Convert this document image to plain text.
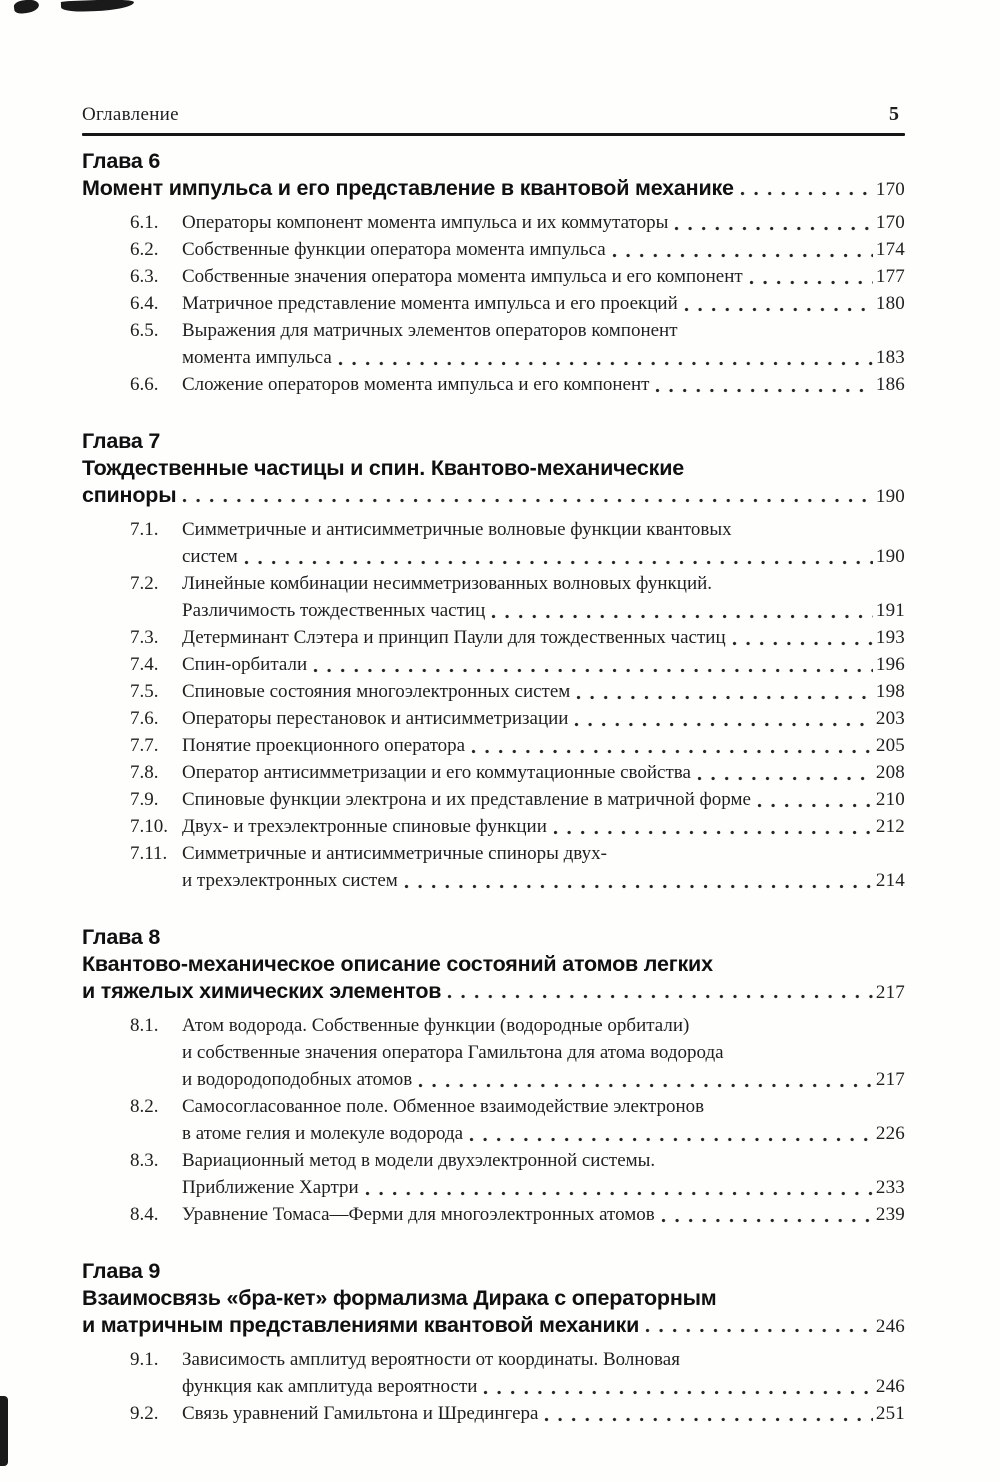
Оглавление	5
Глава 6
Момент импульса и его представление в квантовой механике	170
6.1. Операторы компонент момента импульса и их коммутаторы	170
6.2. Собственные функции оператора момента импульса	174
6.3. Собственные значения оператора момента импульса и его компонент	177
6.4. Матричное представление момента импульса и его проекций	180
6.5. Выражения для матричных элементов операторов компонент
момента импульса	183
6.6. Сложение операторов момента импульса и его компонент	186
Глава 7
Тождественные частицы и спин. Квантово-механические
спиноры	190
7.1. Симметричные и антисимметричные волновые функции квантовых
систем	190
7.2. Линейные комбинации несимметризованных волновых функций.
Различимость тождественных частиц	191
7.3. Детерминант Слэтера и принцип Паули для тождественных частиц	193
7.4. Спин-орбитали	196
7.5. Спиновые состояния многоэлектронных систем	198
7.6. Операторы перестановок и антисимметризации	203
7.7. Понятие проекционного оператора	205
7.8. Оператор антисимметризации и его коммутационные свойства	208
7.9. Спиновые функции электрона и их представление в матричной форме	210
7.10. Двух- и трехэлектронные спиновые функции	212
7.11. Симметричные и антисимметричные спиноры двух-
и трехэлектронных систем	214
Глава 8
Квантово-механическое описание состояний атомов легких
и тяжелых химических элементов	217
8.1. Атом водорода. Собственные функции (водородные орбитали)
и собственные значения оператора Гамильтона для атома водорода
и водородоподобных атомов	217
8.2. Самосогласованное поле. Обменное взаимодействие электронов
в атоме гелия и молекуле водорода	226
8.3. Вариационный метод в модели двухэлектронной системы.
Приближение Хартри	233
8.4. Уравнение Томаса—Ферми для многоэлектронных атомов	239
Глава 9
Взаимосвязь «бра-кет» формализма Дирака с операторным
и матричным представлениями квантовой механики	246
9.1. Зависимость амплитуд вероятности от координаты. Волновая
функция как амплитуда вероятности	246
9.2. Связь уравнений Гамильтона и Шредингера	251
